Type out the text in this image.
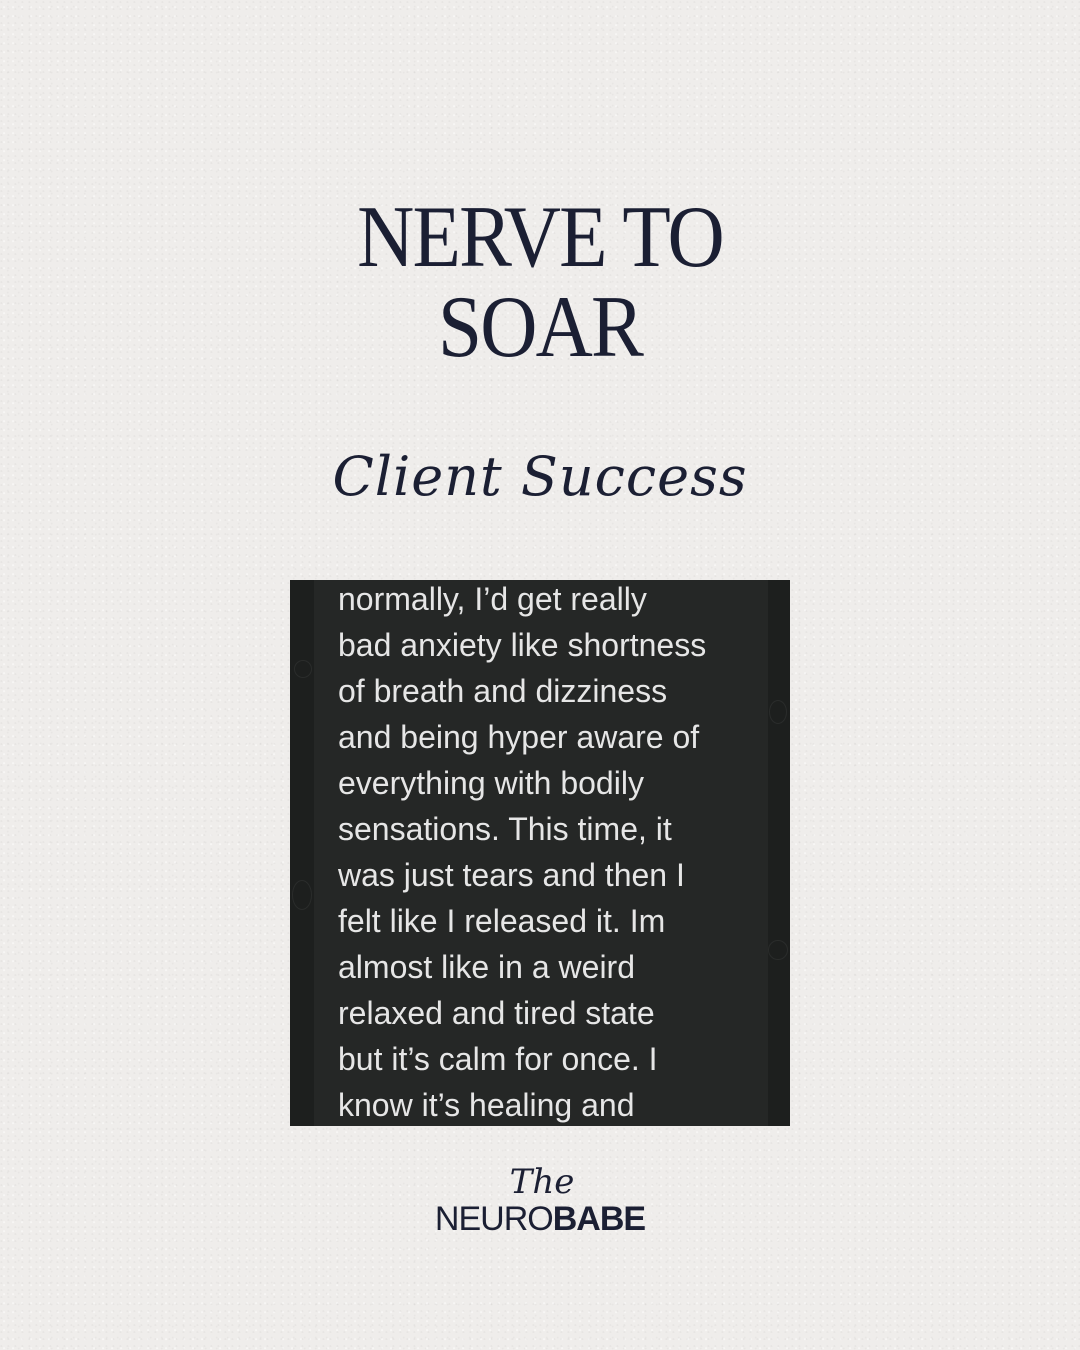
NERVE TO
SOAR
Client Success
normally, I’d get really
bad anxiety like shortness
of breath and dizziness
and being hyper aware of
everything with bodily
sensations. This time, it
was just tears and then I
felt like I released it. Im
almost like in a weird
relaxed and tired state
but it’s calm for once. I
know it’s healing and
The
NEUROBABE
